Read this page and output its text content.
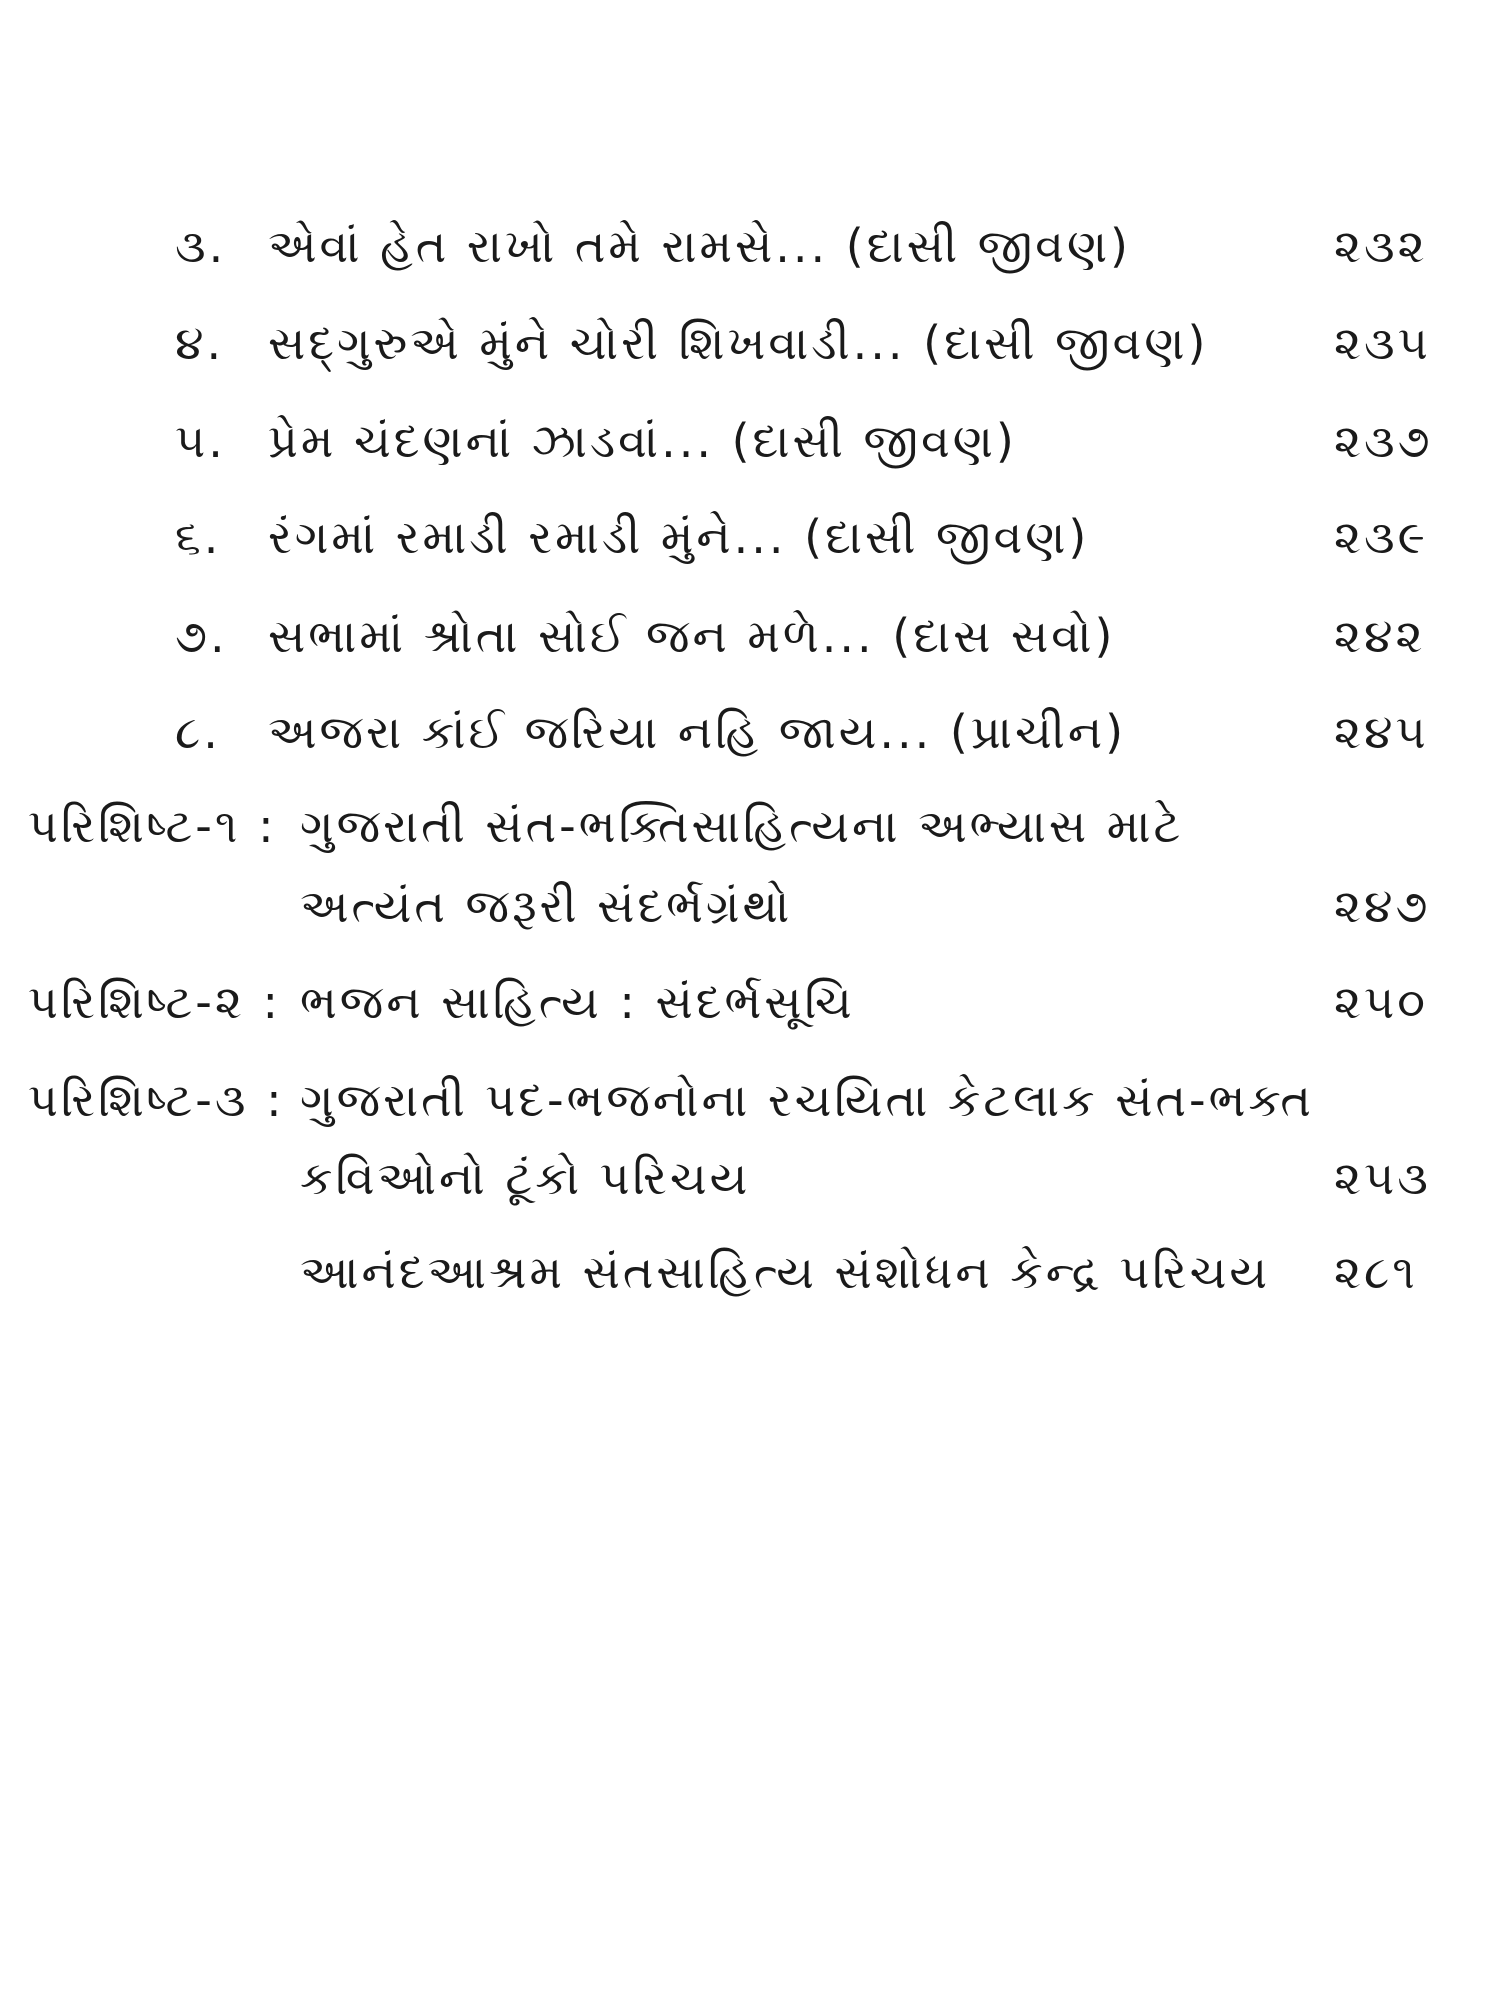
૩. એવાં હેત રાખો તમે રામસે... (દાસી જીવણ)	૨૩૨
૪. સદ્‌ગુરુએ મુંને ચોરી શિખવાડી... (દાસી જીવણ)	૨૩૫
૫. પ્રેમ ચંદણનાં ઝાડવાં... (દાસી જીવણ)	૨૩૭
૬.	રંગમાં રમાડી રમાડી મુંને... (દાસી જીવણ)	૨૩૯
૭. સભામાં શ્રોતા સોઈ જન મળે... (દાસ સવો)	૨૪૨
૮.	અજરા કાંઈ જરિયા નહિ જાય... (પ્રાચીન)	૨૪૫
પરિશિષ્ટ-૧ : ગુજરાતી સંત-ભક્તિસાહિત્યના અભ્યાસ માટે
અત્યંત જરૂરી સંદર્ભગ્રંથો	૨૪૭
પરિશિષ્ટ-૨ : ભજન સાહિત્ય : સંદર્ભસૂચિ	૨૫૦
પરિશિષ્ટ-૩ : ગુજરાતી પદ-ભજનોના રચયિતા કેટલાક સંત-ભક્ત
કવિઓનો ટૂંકો પરિચય	૨૫૩
આનંદઆશ્રમ સંતસાહિત્ય સંશોધન કેન્દ્ર પરિચય ૨૮૧
